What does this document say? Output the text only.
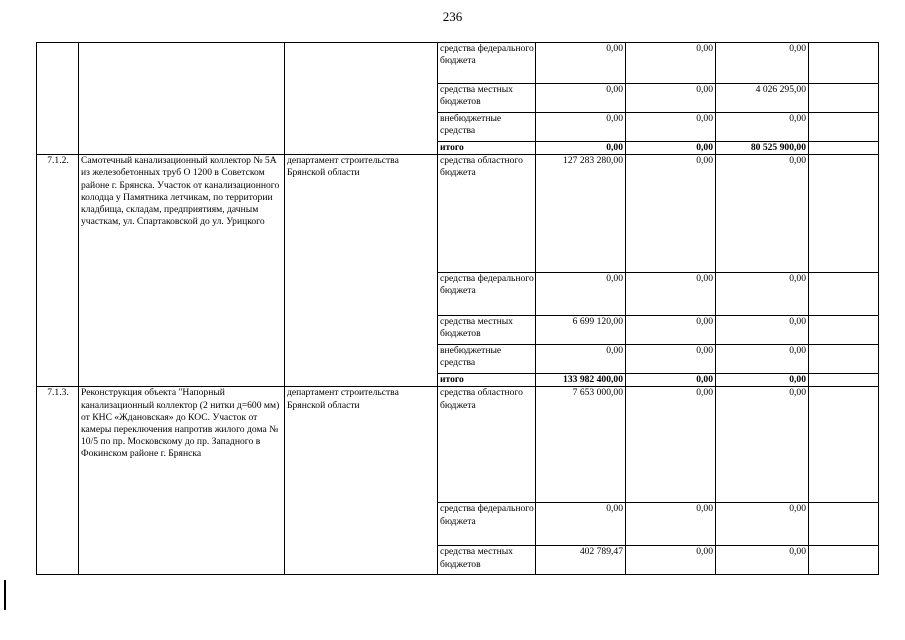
236
			средства федерального бюджета	0,00	0,00	0,00	
			средства местных бюджетов	0,00	0,00	4 026 295,00	
			внебюджетные средства	0,00	0,00	0,00	
			итого	0,00	0,00	80 525 900,00	
7.1.2.	Самотечный канализационный коллектор № 5А из железобетонных труб О 1200 в Советском районе г. Брянска. Участок от канализационного колодца у Памятника летчикам, по территории кладбища, складам, предприятиям, дачным участкам, ул. Спартаковской до ул. Урицкого	департамент строительства Брянской области	средства областного бюджета	127 283 280,00	0,00	0,00	
			средства федерального бюджета	0,00	0,00	0,00	
			средства местных бюджетов	6 699 120,00	0,00	0,00	
			внебюджетные средства	0,00	0,00	0,00	
			итого	133 982 400,00	0,00	0,00	
7.1.3.	Реконструкция объекта "Напорный канализационный коллектор (2 нитки д=600 мм) от КНС «Ждановская» до КОС. Участок от камеры переключения напротив жилого дома № 10/5 по пр. Московскому до пр. Западного в Фокинском районе г. Брянска	департамент строительства Брянской области	средства областного бюджета	7 653 000,00	0,00	0,00	
			средства федерального бюджета	0,00	0,00	0,00	
			средства местных бюджетов	402 789,47	0,00	0,00	
